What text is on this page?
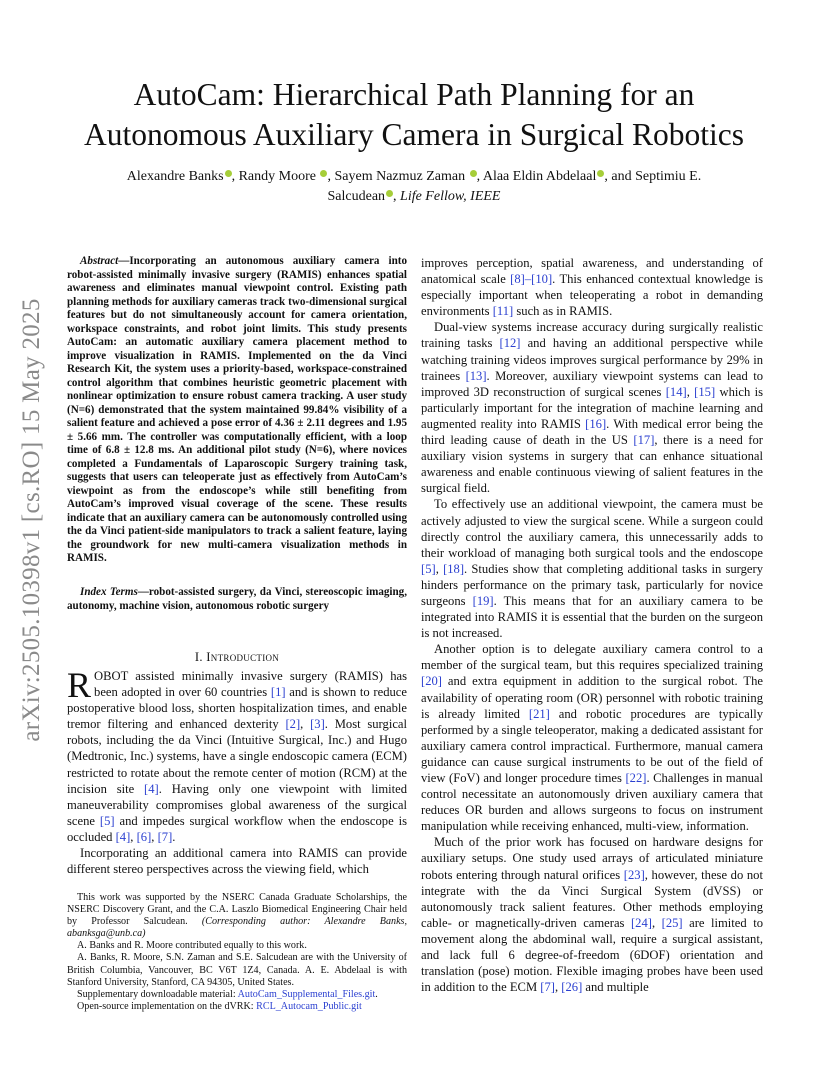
arXiv:2505.10398v1 [cs.RO] 15 May 2025
AutoCam: Hierarchical Path Planning for an
Autonomous Auxiliary Camera in Surgical Robotics
Alexandre Banks , Randy Moore , Sayem Nazmuz Zaman , Alaa Eldin Abdelaal , and Septimiu E.
Salcudean , Life Fellow, IEEE

Abstract—Incorporating an autonomous auxiliary camera into robot-assisted minimally invasive surgery (RAMIS) enhances spatial awareness and eliminates manual viewpoint control. Existing path planning methods for auxiliary cameras track two-dimensional surgical features but do not simultaneously account for camera orientation, workspace constraints, and robot joint limits. This study presents AutoCam: an automatic auxiliary camera placement method to improve visualization in RAMIS. Implemented on the da Vinci Research Kit, the system uses a priority-based, workspace-constrained control algorithm that combines heuristic geometric placement with nonlinear optimization to ensure robust camera tracking. A user study (N=6) demonstrated that the system maintained 99.84% visibility of a salient feature and achieved a pose error of 4.36 ± 2.11 degrees and 1.95 ± 5.66 mm. The controller was computationally efficient, with a loop time of 6.8 ± 12.8 ms. An additional pilot study (N=6), where novices completed a Fundamentals of Laparoscopic Surgery training task, suggests that users can teleoperate just as effectively from AutoCam’s viewpoint as from the endoscope’s while still benefiting from AutoCam’s improved visual coverage of the scene. These results indicate that an auxiliary camera can be autonomously controlled using the da Vinci patient-side manipulators to track a salient feature, laying the groundwork for new multi-camera visualization methods in RAMIS.

Index Terms—robot-assisted surgery, da Vinci, stereoscopic imaging, autonomy, machine vision, autonomous robotic surgery

I. Introduction

ROBOT assisted minimally invasive surgery (RAMIS) has been adopted in over 60 countries [1] and is shown to reduce postoperative blood loss, shorten hospitalization times, and enable tremor filtering and enhanced dexterity [2], [3]. Most surgical robots, including the da Vinci (Intuitive Surgical, Inc.) and Hugo (Medtronic, Inc.) systems, have a single endoscopic camera (ECM) restricted to rotate about the remote center of motion (RCM) at the incision site [4]. Having only one viewpoint with limited maneuverability compromises global awareness of the surgical scene [5] and impedes surgical workflow when the endoscope is occluded [4], [6], [7].

Incorporating an additional camera into RAMIS can provide different stereo perspectives across the viewing field, which

This work was supported by the NSERC Canada Graduate Scholarships, the NSERC Discovery Grant, and the C.A. Laszlo Biomedical Engineering Chair held by Professor Salcudean. (Corresponding author: Alexandre Banks, abanksga@unb.ca)

A. Banks and R. Moore contributed equally to this work.

A. Banks, R. Moore, S.N. Zaman and S.E. Salcudean are with the University of British Columbia, Vancouver, BC V6T 1Z4, Canada. A. E. Abdelaal is with Stanford University, Stanford, CA 94305, United States.

Supplementary downloadable material: AutoCam_Supplemental_Files.git.

Open-source implementation on the dVRK: RCL_Autocam_Public.git

improves perception, spatial awareness, and understanding of anatomical scale [8]–[10]. This enhanced contextual knowledge is especially important when teleoperating a robot in demanding environments [11] such as in RAMIS.

Dual-view systems increase accuracy during surgically realistic training tasks [12] and having an additional perspective while watching training videos improves surgical performance by 29% in trainees [13]. Moreover, auxiliary viewpoint systems can lead to improved 3D reconstruction of surgical scenes [14], [15] which is particularly important for the integration of machine learning and augmented reality into RAMIS [16]. With medical error being the third leading cause of death in the US [17], there is a need for auxiliary vision systems in surgery that can enhance situational awareness and enable continuous viewing of salient features in the surgical field.

To effectively use an additional viewpoint, the camera must be actively adjusted to view the surgical scene. While a surgeon could directly control the auxiliary camera, this unnecessarily adds to their workload of managing both surgical tools and the endoscope [5], [18]. Studies show that completing additional tasks in surgery hinders performance on the primary task, particularly for novice surgeons [19]. This means that for an auxiliary camera to be integrated into RAMIS it is essential that the burden on the surgeon is not increased.

Another option is to delegate auxiliary camera control to a member of the surgical team, but this requires specialized training [20] and extra equipment in addition to the surgical robot. The availability of operating room (OR) personnel with robotic training is already limited [21] and robotic procedures are typically performed by a single teleoperator, making a dedicated assistant for auxiliary camera control impractical. Furthermore, manual camera guidance can cause surgical instruments to be out of the field of view (FoV) and longer procedure times [22]. Challenges in manual control necessitate an autonomously driven auxiliary camera that reduces OR burden and allows surgeons to focus on instrument manipulation while receiving enhanced, multi-view, information.

Much of the prior work has focused on hardware designs for auxiliary setups. One study used arrays of articulated miniature robots entering through natural orifices [23], however, these do not integrate with the da Vinci Surgical System (dVSS) or autonomously track salient features. Other methods employing cable- or magnetically-driven cameras [24], [25] are limited to movement along the abdominal wall, require a surgical assistant, and lack full 6 degree-of-freedom (6DOF) orientation and translation (pose) motion. Flexible imaging probes have been used in addition to the ECM [7], [26] and multiple
